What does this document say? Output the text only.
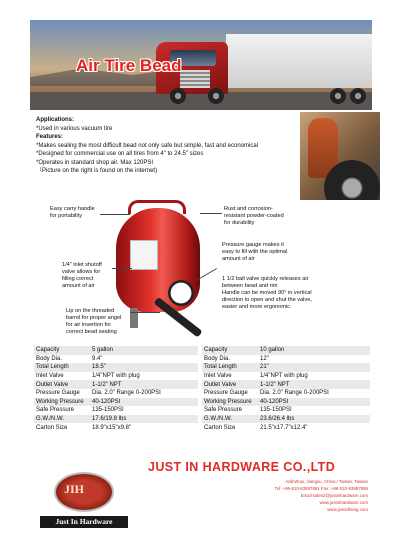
Air Tire Bead
Applications:
*Used in various vacuum tire
Features:
*Makes sealing the most difficult bead not only safe but simple, fast and economical
*Designed for commercial use on all tires from 4" to 24.5" sizes
*Operates in standard shop air. Max 120PSI
（Picture on the right is found on the internet)
Easy carry handle
for portability
Rust and corrosion-
resistant powder-coated
for durability
Pressure gauge makes it
easy to fill with the optimal
amount of air
1/4" inlet shutoff
valve allows for
filling correct
amount of air
1 1/2 ball valve quickly releases air
between bead and rim
Handle can be moved 90° in vertical
direction to open and shut the valve,
easier and more ergonomic
Lip on the threaded
barrel for proper angel
for air insertion for
correct bead seating
Capacity	5 gallon
Body Dia.	9.4"
Total Length	18.5"
Inlet Valve	1/4"NPT with plug
Outlet Valve	1-1/2" NPT
Pressure Gauge	Dia. 2.0" Range 0-200PSI
Working Pressure	40-120PSI
Safe Pressure	135-150PSI
G.W./N.W.	17.6/19.8 lbs
Carton Size	18.9"x15"x9.8"
Capacity	10 gallon
Body Dia.	12"
Total Length	21"
Inlet Valve	1/4"NPT with plug
Outlet Valve	1-1/2" NPT
Pressure Gauge	Dia. 2.0" Range 0-200PSI
Working Pressure	40-120PSI
Safe Pressure	135-150PSI
G.W./N.W.	23.6/26.4 lbs
Carton Size	21.5"x17.7"x12.4"
JIH
Just In Hardware
JUST IN HARDWARE CO.,LTD
Add:Wuxi, Jiangsu, China / Tainan, Taiwan
Tel: +86-510-83897891 Fax: +86-510-83897895
Email:sales2@justinhardware.com
www.justinhardware.com
www.justinfitting.com
